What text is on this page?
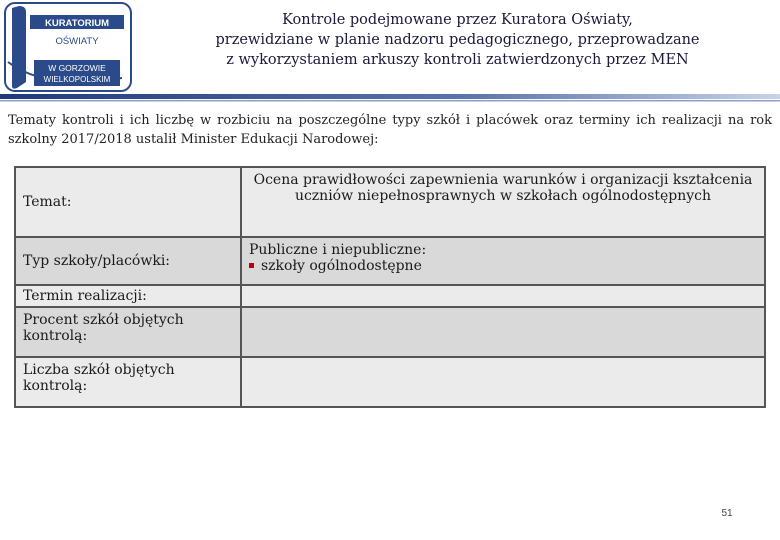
KURATORIUM
OŚWIATY
W GORZOWIE
WIELKOPOLSKIM
Kontrole podejmowane przez Kuratora Oświaty,
przewidziane w planie nadzoru pedagogicznego, przeprowadzane
z wykorzystaniem arkuszy kontroli zatwierdzonych przez MEN
Tematy kontroli i ich liczbę w rozbiciu na poszczególne typy szkół i placówek oraz terminy ich realizacji na rok szkolny 2017/2018 ustalił Minister Edukacji Narodowej:
Temat:	Ocena prawidłowości zapewnienia warunków i organizacji kształcenia uczniów niepełnosprawnych w szkołach ogólnodostępnych
Typ szkoły/placówki:	Publiczne i niepubliczne:
szkoły ogólnodostępne

Termin realizacji:	
Procent szkół objętych kontrolą:	
Liczba szkół objętych kontrolą:	
51
